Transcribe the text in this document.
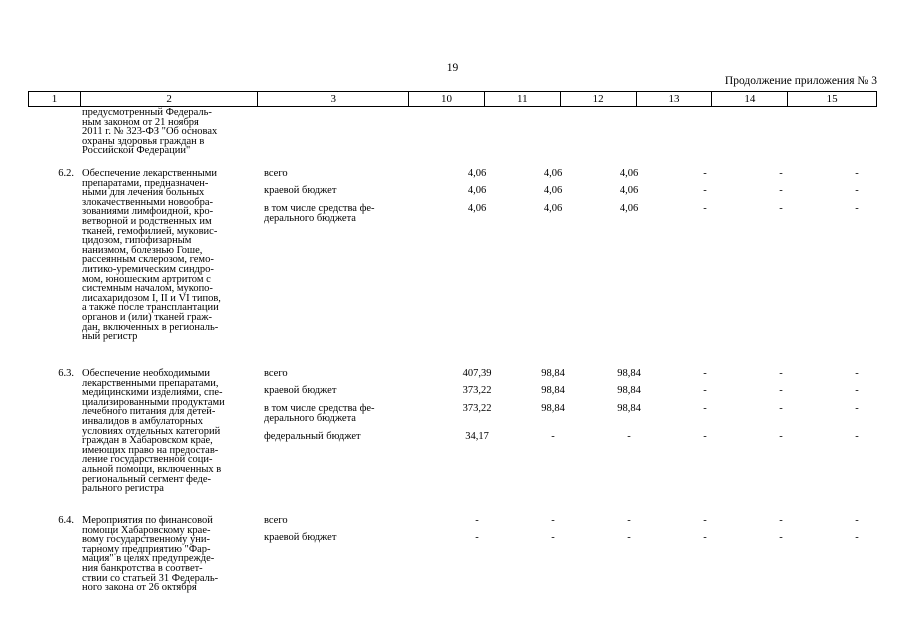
19
Продолжение приложения № 3
1	2	3	10	11	12	13	14	15
предусмотренный Федераль-
ным законом от 21 ноября
2011 г. № 323-ФЗ "Об основах
охраны здоровья граждан в
Российской Федерации"
6.2. Обеспечение лекарственными
препаратами, предназначен-
ными для лечения больных
злокачественными новообра-
зованиями лимфоидной, кро-
ветворной и родственных им
тканей, гемофилией, муковис-
цидозом, гипофизарным
нанизмом, болезнью Гоше,
рассеянным склерозом, гемо-
литико-уремическим синдро-
мом, юношеским артритом с
системным началом, мукопо-
лисахаридозом I, II и VI типов,
а также после трансплантации
органов и (или) тканей граж-
дан, включенных в региональ-
ный регистр
всего	4,06	4,06	4,06	-	-	-
краевой бюджет	4,06	4,06	4,06	-	-	-
в том числе средства фе-
дерального бюджета
4,06	4,06	4,06	-	-	-
6.3. Обеспечение необходимыми
лекарственными препаратами,
медицинскими изделиями, спе-
циализированными продуктами
лечебного питания для детей-
инвалидов в амбулаторных
условиях отдельных категорий
граждан в Хабаровском крае,
имеющих право на предостав-
ление государственной соци-
альной помощи, включенных в
региональный сегмент феде-
рального регистра
всего	407,39	98,84	98,84	-	-	-
краевой бюджет	373,22	98,84	98,84	-	-	-
в том числе средства фе-
дерального бюджета
373,22	98,84	98,84	-	-	-
федеральный бюджет	34,17	-	-	-	-	-
6.4. Мероприятия по финансовой
помощи Хабаровскому крае-
вому государственному уни-
тарному предприятию "Фар-
мация" в целях предупрежде-
ния банкротства в соответ-
ствии со статьей 31 Федераль-
ного закона от 26 октября
всего	-	-	-	-	-	-
краевой бюджет	-	-	-	-	-	-
